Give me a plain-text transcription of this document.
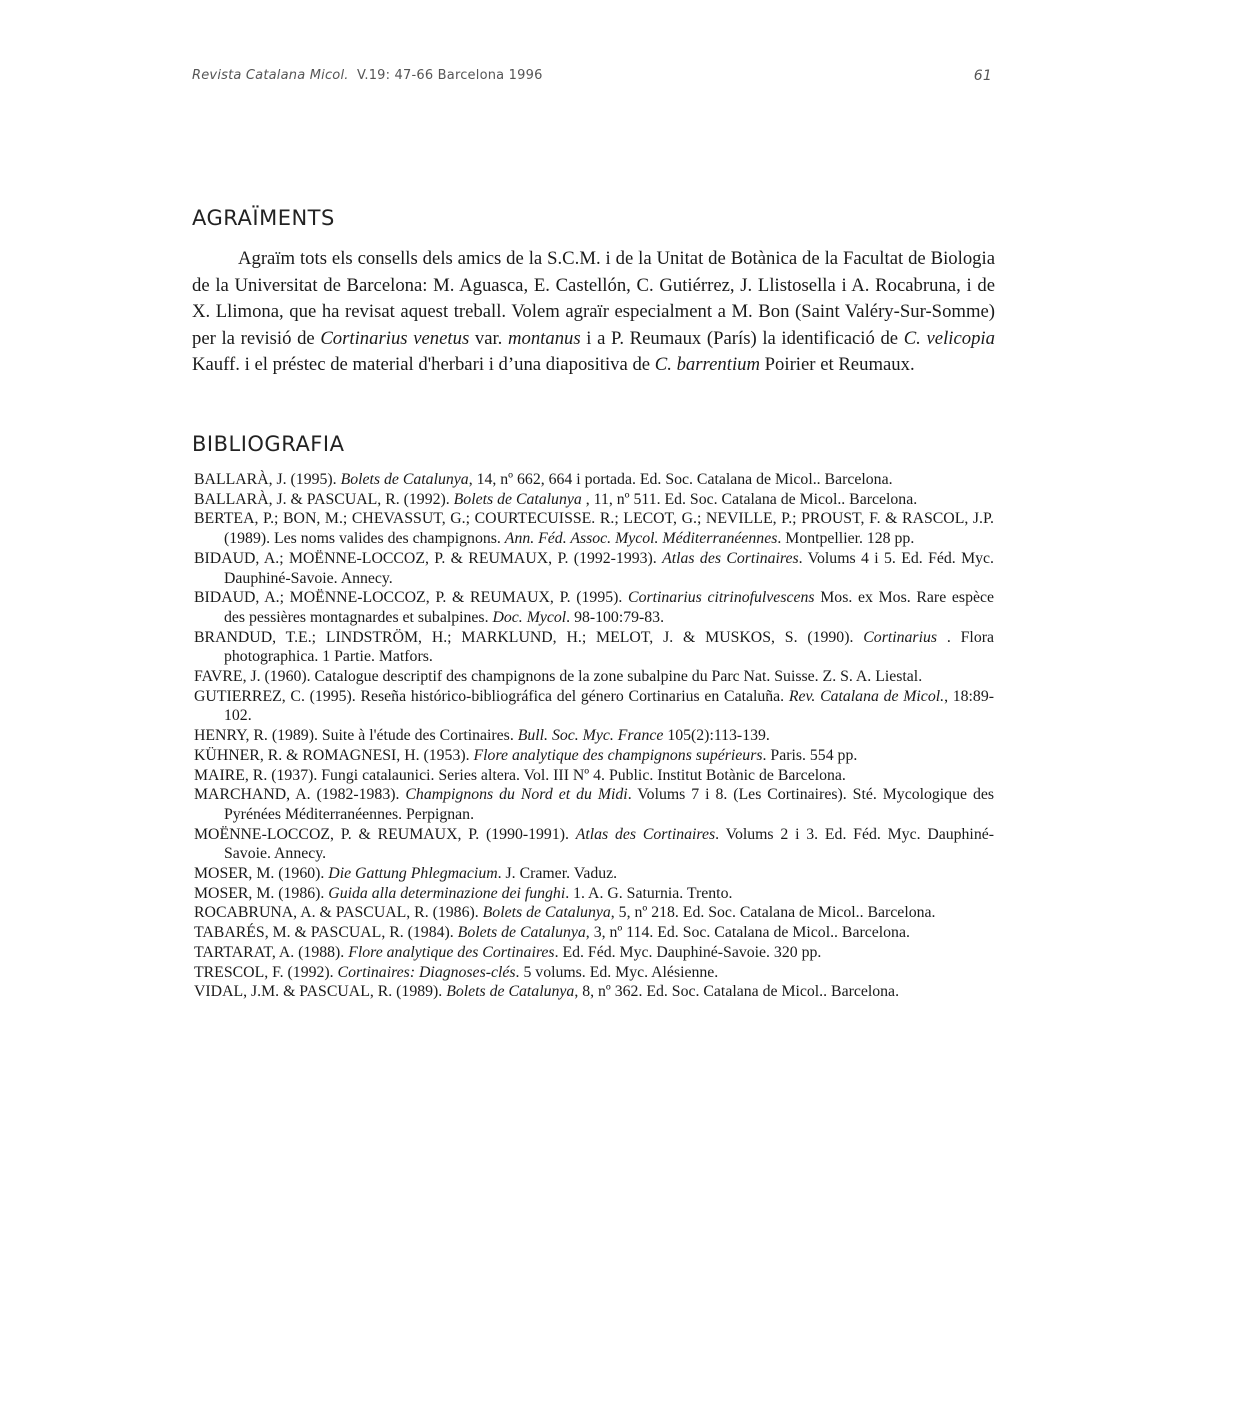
Revista Catalana Micol. V.19: 47-66 Barcelona 1996	61
AGRAÏMENTS

Agraïm tots els consells dels amics de la S.C.M. i de la Unitat de Botànica de la Facultat de Biologia de la Universitat de Barcelona: M. Aguasca, E. Castellón, C. Gutiérrez, J. Llistosella i A. Rocabruna, i de X. Llimona, que ha revisat aquest treball. Volem agraïr especialment a M. Bon (Saint Valéry-Sur-Somme) per la revisió de Cortinarius venetus var. montanus i a P. Reumaux (París) la identificació de C. velicopia Kauff. i el préstec de material d'herbari i d’una diapositiva de C. barrentium Poirier et Reumaux.

BIBLIOGRAFIA
BALLARÀ, J. (1995). Bolets de Catalunya, 14, nº 662, 664 i portada. Ed. Soc. Catalana de Micol.. Barcelona.
BALLARÀ, J. & PASCUAL, R. (1992). Bolets de Catalunya , 11, nº 511. Ed. Soc. Catalana de Micol.. Barcelona.
BERTEA, P.; BON, M.; CHEVASSUT, G.; COURTECUISSE. R.; LECOT, G.; NEVILLE, P.; PROUST, F. & RASCOL, J.P. (1989). Les noms valides des champignons. Ann. Féd. Assoc. Mycol. Méditerranéennes. Montpellier. 128 pp.
BIDAUD, A.; MOËNNE-LOCCOZ, P. & REUMAUX, P. (1992-1993). Atlas des Cortinaires. Volums 4 i 5. Ed. Féd. Myc. Dauphiné-Savoie. Annecy.
BIDAUD, A.; MOËNNE-LOCCOZ, P. & REUMAUX, P. (1995). Cortinarius citrinofulvescens Mos. ex Mos. Rare espèce des pessières montagnardes et subalpines. Doc. Mycol. 98-100:79-83.
BRANDUD, T.E.; LINDSTRÖM, H.; MARKLUND, H.; MELOT, J. & MUSKOS, S. (1990). Cortinarius . Flora photographica. 1 Partie. Matfors.
FAVRE, J. (1960). Catalogue descriptif des champignons de la zone subalpine du Parc Nat. Suisse. Z. S. A. Liestal.
GUTIERREZ, C. (1995). Reseña histórico-bibliográfica del género Cortinarius en Cataluña. Rev. Catalana de Micol., 18:89-102.
HENRY, R. (1989). Suite à l'étude des Cortinaires. Bull. Soc. Myc. France 105(2):113-139.
KÜHNER, R. & ROMAGNESI, H. (1953). Flore analytique des champignons supérieurs. Paris. 554 pp.
MAIRE, R. (1937). Fungi catalaunici. Series altera. Vol. III Nº 4. Public. Institut Botànic de Barcelona.
MARCHAND, A. (1982-1983). Champignons du Nord et du Midi. Volums 7 i 8. (Les Cortinaires). Sté. Mycologique des Pyrénées Méditerranéennes. Perpignan.
MOËNNE-LOCCOZ, P. & REUMAUX, P. (1990-1991). Atlas des Cortinaires. Volums 2 i 3. Ed. Féd. Myc. Dauphiné-Savoie. Annecy.
MOSER, M. (1960). Die Gattung Phlegmacium. J. Cramer. Vaduz.
MOSER, M. (1986). Guida alla determinazione dei funghi. 1. A. G. Saturnia. Trento.
ROCABRUNA, A. & PASCUAL, R. (1986). Bolets de Catalunya, 5, nº 218. Ed. Soc. Catalana de Micol.. Barcelona.
TABARÉS, M. & PASCUAL, R. (1984). Bolets de Catalunya, 3, nº 114. Ed. Soc. Catalana de Micol.. Barcelona.
TARTARAT, A. (1988). Flore analytique des Cortinaires. Ed. Féd. Myc. Dauphiné-Savoie. 320 pp.
TRESCOL, F. (1992). Cortinaires: Diagnoses-clés. 5 volums. Ed. Myc. Alésienne.
VIDAL, J.M. & PASCUAL, R. (1989). Bolets de Catalunya, 8, nº 362. Ed. Soc. Catalana de Micol.. Barcelona.
